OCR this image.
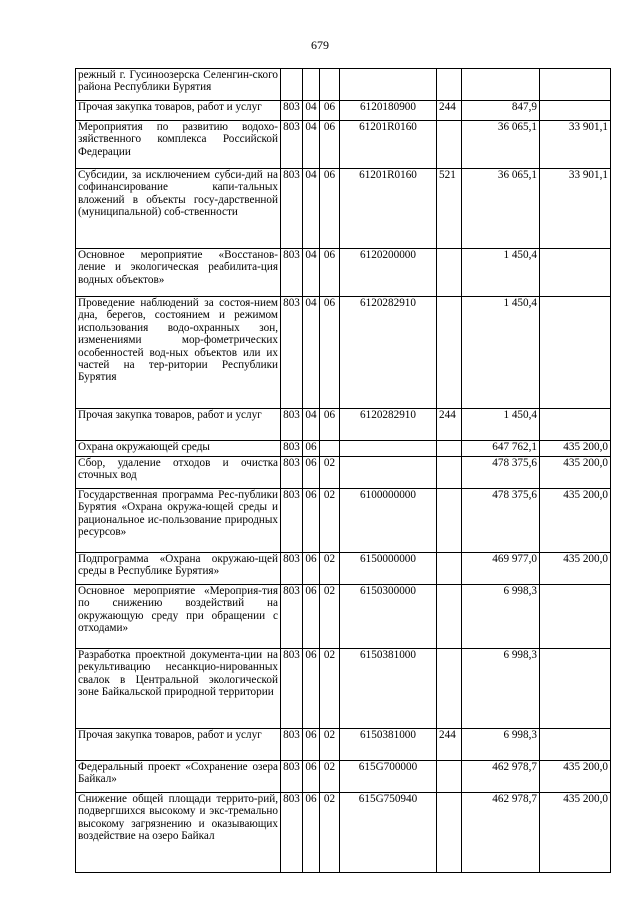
679
режный г. Гусиноозерска Селенгин-ского района Республики Бурятия							
Прочая закупка товаров, работ и услуг	803	04	06	6120180900	244	847,9	
Мероприятия по развитию водохо-зяйственного комплекса Российской Федерации	803	04	06	61201R0160		36 065,1	33 901,1
Субсидии, за исключением субси-дий на софинансирование капи-тальных вложений в объекты госу-дарственной (муниципальной) соб-ственности	803	04	06	61201R0160	521	36 065,1	33 901,1
Основное мероприятие «Восстанов-ление и экологическая реабилита-ция водных объектов»	803	04	06	6120200000		1 450,4	
Проведение наблюдений за состоя-нием дна, берегов, состоянием и режимом использования водо-охранных зон, изменениями мор-фометрических особенностей вод-ных объектов или их частей на тер-ритории Республики Бурятия	803	04	06	6120282910		1 450,4	
Прочая закупка товаров, работ и услуг	803	04	06	6120282910	244	1 450,4	
Охрана окружающей среды	803	06				647 762,1	435 200,0
Сбор, удаление отходов и очистка сточных вод	803	06	02			478 375,6	435 200,0
Государственная программа Рес-публики Бурятия «Охрана окружа-ющей среды и рациональное ис-пользование природных ресурсов»	803	06	02	6100000000		478 375,6	435 200,0
Подпрограмма «Охрана окружаю-щей среды в Республике Бурятия»	803	06	02	6150000000		469 977,0	435 200,0
Основное мероприятие «Мероприя-тия по снижению воздействий на окружающую среду при обращении с отходами»	803	06	02	6150300000		6 998,3	
Разработка проектной документа-ции на рекультивацию несанкцио-нированных свалок в Центральной экологической зоне Байкальской природной территории	803	06	02	6150381000		6 998,3	
Прочая закупка товаров, работ и услуг	803	06	02	6150381000	244	6 998,3	
Федеральный проект «Сохранение озера Байкал»	803	06	02	615G700000		462 978,7	435 200,0
Снижение общей площади террито-рий, подвергшихся высокому и экс-тремально высокому загрязнению и оказывающих воздействие на озеро Байкал	803	06	02	615G750940		462 978,7	435 200,0
